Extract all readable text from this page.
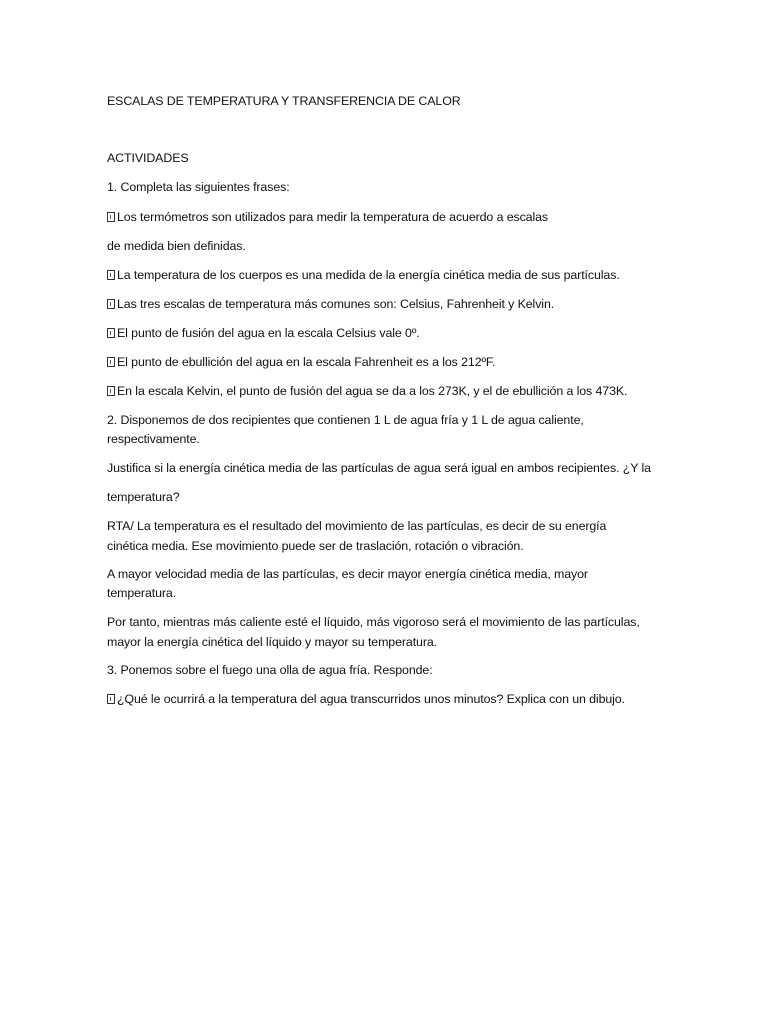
ESCALAS DE TEMPERATURA Y TRANSFERENCIA DE CALOR
ACTIVIDADES
1. Completa las siguientes frases:
Los termómetros son utilizados para medir la temperatura de acuerdo a escalas
de medida bien definidas.
La temperatura de los cuerpos es una medida de la energía cinética media de sus partículas.
Las tres escalas de temperatura más comunes son: Celsius, Fahrenheit y Kelvin.
El punto de fusión del agua en la escala Celsius vale 0º.
El punto de ebullición del agua en la escala Fahrenheit es a los 212ºF.
En la escala Kelvin, el punto de fusión del agua se da a los 273K, y el de ebullición a los 473K.
2. Disponemos de dos recipientes que contienen 1 L de agua fría y 1 L de agua caliente,
respectivamente.
Justifica si la energía cinética media de las partículas de agua será igual en ambos recipientes. ¿Y la
temperatura?
RTA/ La temperatura es el resultado del movimiento de las partículas, es decir de su energía
cinética media. Ese movimiento puede ser de traslación, rotación o vibración.
A mayor velocidad media de las partículas, es decir mayor energía cinética media, mayor
temperatura.
Por tanto, mientras más caliente esté el líquido, más vigoroso será el movimiento de las partículas,
mayor la energía cinética del líquido y mayor su temperatura.
3. Ponemos sobre el fuego una olla de agua fría. Responde:
¿Qué le ocurrirá a la temperatura del agua transcurridos unos minutos? Explica con un dibujo.
